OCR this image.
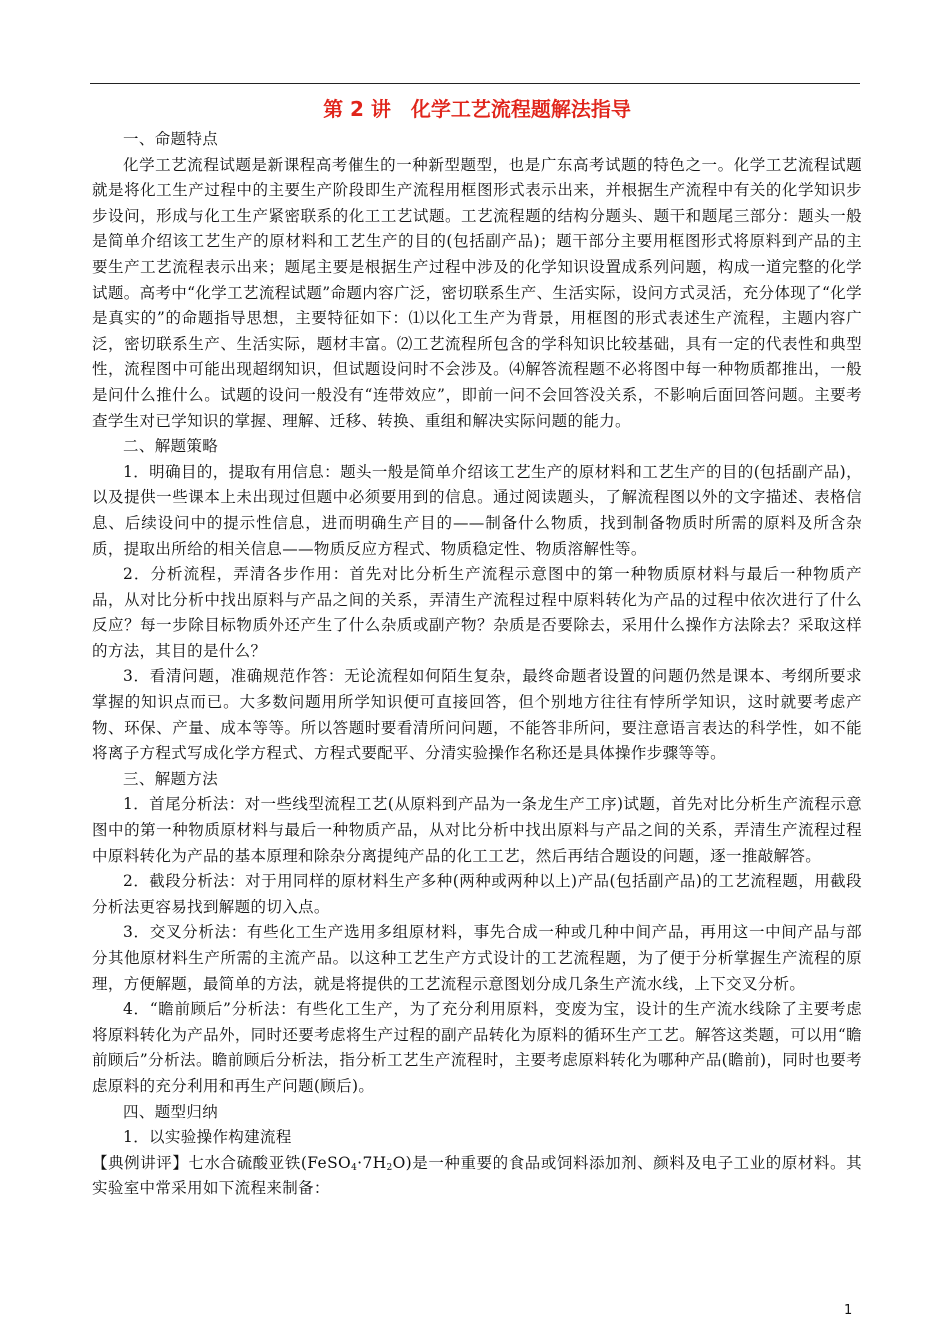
第 2 讲　化学工艺流程题解法指导

一、命题特点

化学工艺流程试题是新课程高考催生的一种新型题型，也是广东高考试题的特色之一。化学工艺流程试题就是将化工生产过程中的主要生产阶段即生产流程用框图形式表示出来，并根据生产流程中有关的化学知识步步设问，形成与化工生产紧密联系的化工工艺试题。工艺流程题的结构分题头、题干和题尾三部分：题头一般是简单介绍该工艺生产的原材料和工艺生产的目的(包括副产品)；题干部分主要用框图形式将原料到产品的主要生产工艺流程表示出来；题尾主要是根据生产过程中涉及的化学知识设置成系列问题，构成一道完整的化学试题。高考中“化学工艺流程试题”命题内容广泛，密切联系生产、生活实际，设问方式灵活，充分体现了“化学是真实的”的命题指导思想，主要特征如下：⑴以化工生产为背景，用框图的形式表述生产流程，主题内容广泛，密切联系生产、生活实际，题材丰富。⑵工艺流程所包含的学科知识比较基础，具有一定的代表性和典型性，流程图中可能出现超纲知识，但试题设问时不会涉及。⑷解答流程题不必将图中每一种物质都推出，一般是问什么推什么。试题的设问一般没有“连带效应”，即前一问不会回答没关系，不影响后面回答问题。主要考查学生对已学知识的掌握、理解、迁移、转换、重组和解决实际问题的能力。

二、解题策略

1．明确目的，提取有用信息：题头一般是简单介绍该工艺生产的原材料和工艺生产的目的(包括副产品)，以及提供一些课本上未出现过但题中必须要用到的信息。通过阅读题头，了解流程图以外的文字描述、表格信息、后续设问中的提示性信息，进而明确生产目的——制备什么物质，找到制备物质时所需的原料及所含杂质，提取出所给的相关信息——物质反应方程式、物质稳定性、物质溶解性等。

2．分析流程，弄清各步作用：首先对比分析生产流程示意图中的第一种物质原材料与最后一种物质产品，从对比分析中找出原料与产品之间的关系，弄清生产流程过程中原料转化为产品的过程中依次进行了什么反应？每一步除目标物质外还产生了什么杂质或副产物？杂质是否要除去，采用什么操作方法除去？采取这样的方法，其目的是什么？

3．看清问题，准确规范作答：无论流程如何陌生复杂，最终命题者设置的问题仍然是课本、考纲所要求掌握的知识点而已。大多数问题用所学知识便可直接回答，但个别地方往往有悖所学知识，这时就要考虑产物、环保、产量、成本等等。所以答题时要看清所问问题，不能答非所问，要注意语言表达的科学性，如不能将离子方程式写成化学方程式、方程式要配平、分清实验操作名称还是具体操作步骤等等。

三、解题方法

1．首尾分析法：对一些线型流程工艺(从原料到产品为一条龙生产工序)试题，首先对比分析生产流程示意图中的第一种物质原材料与最后一种物质产品，从对比分析中找出原料与产品之间的关系，弄清生产流程过程中原料转化为产品的基本原理和除杂分离提纯产品的化工工艺，然后再结合题设的问题，逐一推敲解答。

2．截段分析法：对于用同样的原材料生产多种(两种或两种以上)产品(包括副产品)的工艺流程题，用截段分析法更容易找到解题的切入点。

3．交叉分析法：有些化工生产选用多组原材料，事先合成一种或几种中间产品，再用这一中间产品与部分其他原材料生产所需的主流产品。以这种工艺生产方式设计的工艺流程题，为了便于分析掌握生产流程的原理，方便解题，最简单的方法，就是将提供的工艺流程示意图划分成几条生产流水线，上下交叉分析。

4．“瞻前顾后”分析法：有些化工生产，为了充分利用原料，变废为宝，设计的生产流水线除了主要考虑将原料转化为产品外，同时还要考虑将生产过程的副产品转化为原料的循环生产工艺。解答这类题，可以用“瞻前顾后”分析法。瞻前顾后分析法，指分析工艺生产流程时，主要考虑原料转化为哪种产品(瞻前)，同时也要考虑原料的充分利用和再生产问题(顾后)。

四、题型归纳

1．以实验操作构建流程

【典例讲评】七水合硫酸亚铁$(FeSO_4\cdot 7H_2O)$是一种重要的食品或饲料添加剂、颜料及电子工业的原材料。其实验室中常采用如下流程来制备：

1
